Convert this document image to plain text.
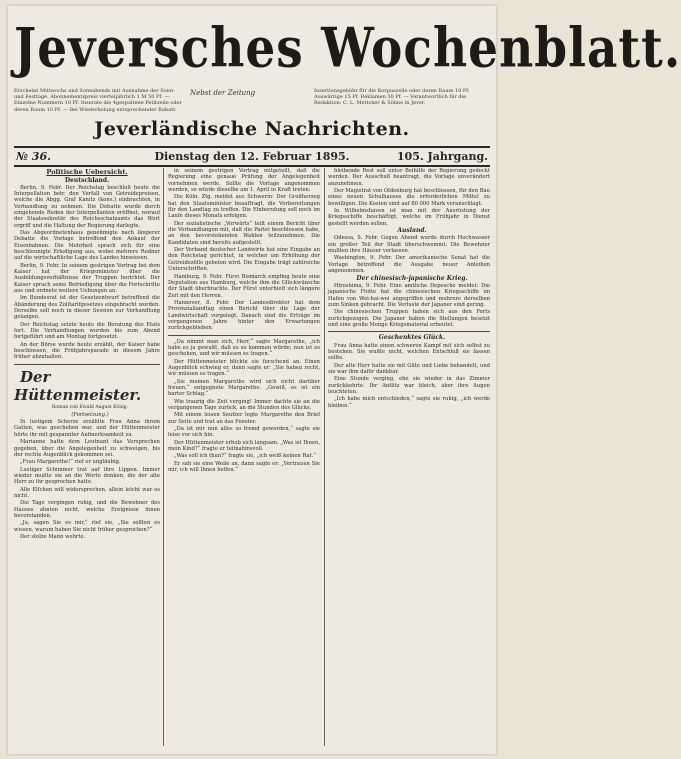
Jeversches Wochenblatt.
Erscheint Mittwochs und Sonnabends mit Ausnahme der Sonn- und Festtage. Abonnementspreis vierteljährlich 1 M 50 Pf. — Einzelne Nummern 10 Pf. Inserate die 4gespaltene Petitzeile oder deren Raum 10 Pf. — Bei Wiederholung entsprechender Rabatt.
Nebst der Zeitung	Insertionsgebühr für die Korpuszeile oder deren Raum 10 Pf. Auswärtige 15 Pf. Reklamen 30 Pf. — Verantwortlich für die Redaktion: C. L. Mettcker & Söhne in Jever.
Jeverländische Nachrichten.
№ 36.	Dienstag den 12. Februar 1895.	105. Jahrgang.
Politische Uebersicht.
Deutschland.

Berlin, 9. Febr. Der Reichstag beschloß heute die Interpellation betr. den Verfall von Getreidepreisen, welche die Abgg. Graf Kanitz (kons.) einbrachten, in Verhandlung zu nehmen. Die Debatte wurde durch eingehende Reden der Interpellanten eröffnet, worauf der Staatssekretär des Reichsschatzamts das Wort ergriff und die Haltung der Regierung darlegte.

Das Abgeordnetenhaus genehmigte nach längerer Debatte die Vorlage betreffend den Ankauf der Eisenbahnen. Die Mehrheit sprach sich für eine beschleunigte Erledigung aus, wobei mehrere Redner auf die wirtschaftliche Lage des Landes hinwiesen.

Berlin, 9. Febr. In seinem gestrigen Vortrag bei dem Kaiser hat der Kriegsminister über die Ausbildungsverhältnisse der Truppen berichtet. Der Kaiser sprach seine Befriedigung über die Fortschritte aus und ordnete weitere Uebungen an.

Im Bundesrat ist der Gesetzentwurf betreffend die Abänderung des Zolltarifgesetzes eingebracht worden. Derselbe soll noch in dieser Session zur Verhandlung gelangen.

Der Reichstag setzte heute die Beratung des Etats fort. Die Verhandlungen wurden bis zum Abend fortgeführt und am Montag fortgesetzt.

An der Börse wurde heute erzählt, der Kaiser habe beschlossen, die Frühjahrsparade in diesem Jahre früher abzuhalten.

Der Hüttenmeister.

Roman von Ewald August König.

(Fortsetzung.)

In lustigem Scherze erzählte Frau Anna ihrem Gatten, was geschehen war, und der Hüttenmeister hörte ihr mit gespannter Aufmerksamkeit zu.

Marianne hatte dem Leutnant das Versprechen gegeben, über die Angelegenheit zu schweigen, bis der rechte Augenblick gekommen sei.

„Frau Margarethe!“ rief er ungläubig.

Lustiger Schimmer trat auf ihre Lippen. Immer wieder mußte sie an die Worte denken, die der alte Herr zu ihr gesprochen hatte.

Alle Elfchen will widersprechen, allein leicht war es nicht.

Die Tage vergingen ruhig, und die Bewohner des Hauses ahnten nicht, welche Ereignisse ihnen bevorstanden.

„Ja, sagen Sie es mir,“ rief sie, „Sie sollten es wissen, warum haben Sie nicht früher gesprochen?“

Der stolze Mann wehrte.

in seinem gestrigen Vortrag mitgeteilt, daß die Regierung eine genaue Prüfung der Angelegenheit vornehmen werde. Sollte die Vorlage angenommen werden, so würde dieselbe am 1. April in Kraft treten.

Die Köln. Ztg. meldet aus Schwerin: Der Großherzog hat den Staatsminister beauftragt, die Vorbereitungen für den Landtag zu treffen. Die Einberufung soll noch im Laufe dieses Monats erfolgen.

Der sozialistische „Vorwärts“ teilt einem Bericht über die Verhandlungen mit, daß die Partei beschlossen habe, an den bevorstehenden Wahlen teilzunehmen. Die Kandidaten sind bereits aufgestellt.

Der Verband deutscher Landwirte hat eine Eingabe an den Reichstag gerichtet, in welcher um Erhöhung der Getreidezölle gebeten wird. Die Eingabe trägt zahlreiche Unterschriften.

Hamburg, 9. Febr. Fürst Bismarck empfing heute eine Deputation aus Hamburg, welche ihm die Glückwünsche der Stadt überbrachte. Der Fürst unterhielt sich längere Zeit mit den Herren.

Hannover, 8. Febr. Der Landesdirektor hat dem Provinziallandtag einen Bericht über die Lage der Landwirtschaft vorgelegt. Danach sind die Erträge im vergangenen Jahre hinter den Erwartungen zurückgeblieben.

„Da nimmt man sich, Herr,“ sagte Margarethe, „ich habe es ja gewußt, daß es so kommen würde; nun ist es geschehen, und wir müssen es tragen.“

Der Hüttenmeister blickte sie forschend an. Einen Augenblick schwieg er, dann sagte er: „Sie haben recht, wir müssen es tragen.“

„Sie meinen Margarethe wird sich nicht darüber freuen,“ entgegnete Margarethe. „Gewiß, es ist ein harter Schlag.“

Wie traurig die Zeit verging! Immer dachte sie an die vergangenen Tage zurück, an die Stunden des Glücks.

Mit einem leisen Seufzer legte Margarethe den Brief zur Seite und trat an das Fenster.

„Da ist mir nun alles so fremd geworden,“ sagte sie leise vor sich hin.

Der Hüttenmeister erhob sich langsam. „Was ist Ihnen, mein Kind?“ fragte er teilnahmsvoll.

„Was soll ich thun?“ fragte sie, „ich weiß keinen Rat.“

Er sah sie eine Weile an, dann sagte er: „Vertrauen Sie mir, ich will Ihnen helfen.“

bleibende Rest soll unter Beihilfe der Regierung gedeckt werden. Der Ausschuß beantragt, die Vorlage unverändert anzunehmen.

Der Magistrat von Oldenburg hat beschlossen, für den Bau eines neuen Schulhauses die erforderlichen Mittel zu bewilligen. Die Kosten sind auf 80 000 Mark veranschlagt.

In Wilhelmshaven ist man mit der Ausrüstung der Kriegsschiffe beschäftigt, welche im Frühjahr in Dienst gestellt werden sollen.

Ausland.

Odessa, 9. Febr. Gegen Abend wurde durch Hochwasser ein großer Teil der Stadt überschwemmt. Die Bewohner mußten ihre Häuser verlassen.

Washington, 9. Febr. Der amerikanische Senat hat die Vorlage betreffend die Ausgabe neuer Anleihen angenommen.

Der chinesisch-japanische Krieg.

Hiroshima, 9. Febr. Eine amtliche Depesche meldet: Die japanische Flotte hat die chinesischen Kriegsschiffe im Hafen von Wei-hai-wei angegriffen und mehrere derselben zum Sinken gebracht. Die Verluste der Japaner sind gering.

Die chinesischen Truppen haben sich aus den Forts zurückgezogen. Die Japaner haben die Stellungen besetzt und eine große Menge Kriegsmaterial erbeutet.

Geschenktes Glück.

Frau Anna hatte einen schweren Kampf mit sich selbst zu bestehen. Sie wußte nicht, welchen Entschluß sie fassen sollte.

Der alte Herr hatte sie mit Güte und Liebe behandelt, und sie war ihm dafür dankbar.

Eine Stunde verging, ehe sie wieder in das Zimmer zurückkehrte. Ihr Antlitz war bleich, aber ihre Augen leuchteten.

„Ich habe mich entschieden,“ sagte sie ruhig, „ich werde bleiben.“
